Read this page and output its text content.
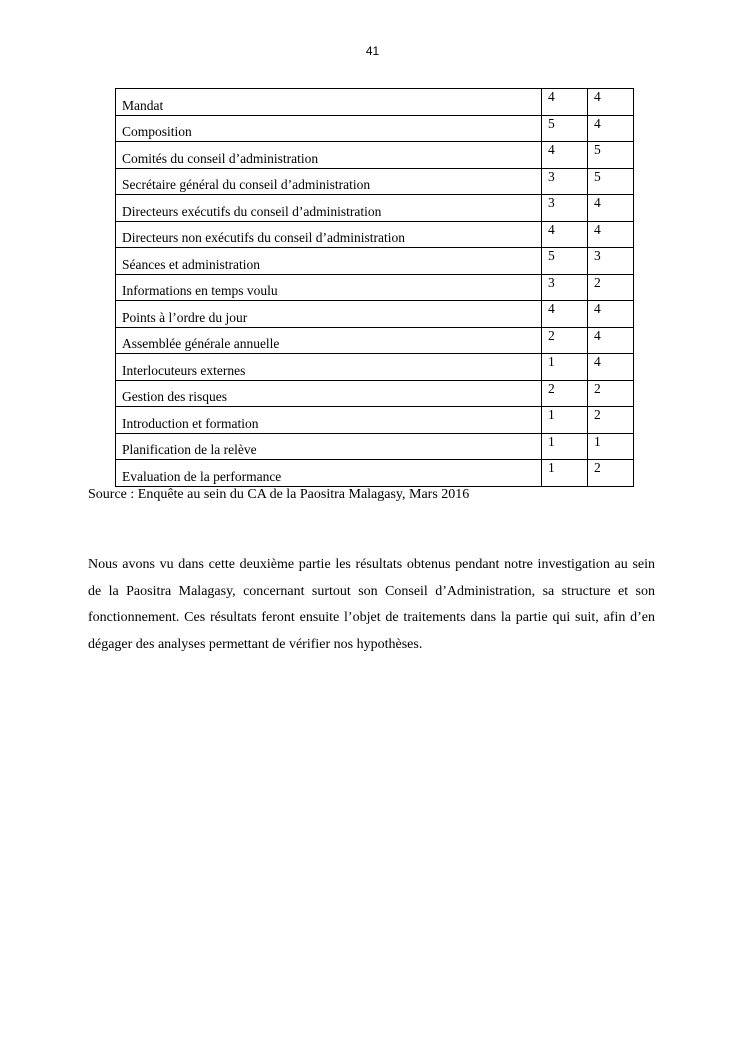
41
Mandat	4	4

Composition	5	4

Comités du conseil d’administration	4	5

Secrétaire général du conseil d’administration	3	5

Directeurs exécutifs du conseil d’administration	3	4

Directeurs non exécutifs du conseil d’administration	4	4

Séances et administration	5	3

Informations en temps voulu	3	2

Points à l’ordre du jour	4	4

Assemblée générale annuelle	2	4

Interlocuteurs externes	1	4

Gestion des risques	2	2

Introduction et formation	1	2

Planification de la relève	1	1

Evaluation de la performance	1	2
Source : Enquête au sein du CA de la Paositra Malagasy, Mars 2016

Nous avons vu dans cette deuxième partie les résultats obtenus pendant notre investigation au sein de la Paositra Malagasy, concernant surtout son Conseil d’Administration, sa structure et son fonctionnement. Ces résultats feront ensuite l’objet de traitements dans la partie qui suit, afin d’en dégager des analyses permettant de vérifier nos hypothèses.
